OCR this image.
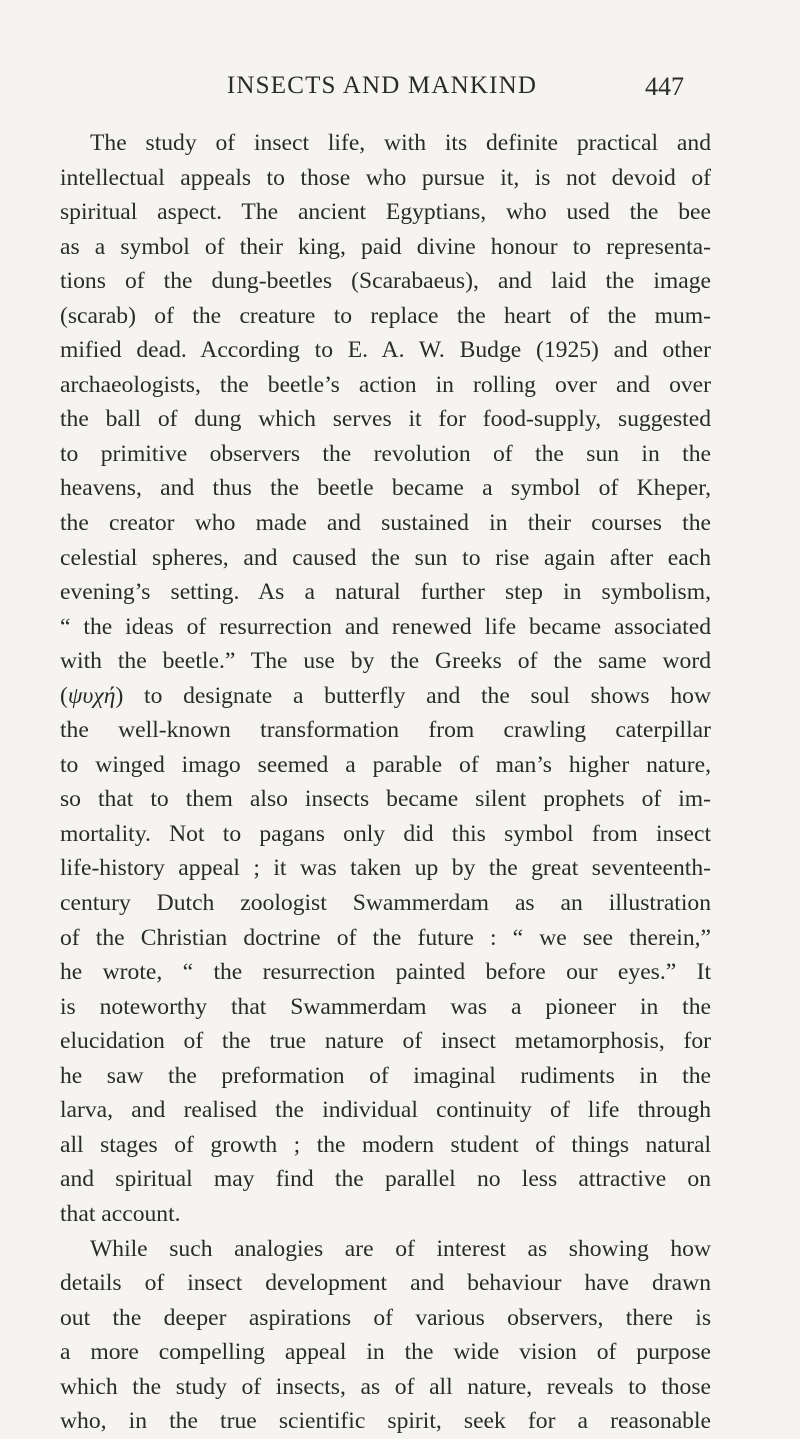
INSECTS AND MANKIND	447
The study of insect life, with its definite practical and
intellectual appeals to those who pursue it, is not devoid of
spiritual aspect. The ancient Egyptians, who used the bee
as a symbol of their king, paid divine honour to representa-
tions of the dung-beetles (Scarabaeus), and laid the image
(scarab) of the creature to replace the heart of the mum-
mified dead. According to E. A. W. Budge (1925) and other
archaeologists, the beetle’s action in rolling over and over
the ball of dung which serves it for food-supply, suggested
to primitive observers the revolution of the sun in the
heavens, and thus the beetle became a symbol of Kheper,
the creator who made and sustained in their courses the
celestial spheres, and caused the sun to rise again after each
evening’s setting. As a natural further step in symbolism,
“ the ideas of resurrection and renewed life became associated
with the beetle.” The use by the Greeks of the same word
(ψυχή) to designate a butterfly and the soul shows how
the well-known transformation from crawling caterpillar
to winged imago seemed a parable of man’s higher nature,
so that to them also insects became silent prophets of im-
mortality. Not to pagans only did this symbol from insect
life-history appeal ; it was taken up by the great seventeenth-
century Dutch zoologist Swammerdam as an illustration
of the Christian doctrine of the future : “ we see therein,”
he wrote, “ the resurrection painted before our eyes.” It
is noteworthy that Swammerdam was a pioneer in the
elucidation of the true nature of insect metamorphosis, for
he saw the preformation of imaginal rudiments in the
larva, and realised the individual continuity of life through
all stages of growth ; the modern student of things natural
and spiritual may find the parallel no less attractive on
that account.
While such analogies are of interest as showing how
details of insect development and behaviour have drawn
out the deeper aspirations of various observers, there is
a more compelling appeal in the wide vision of purpose
which the study of insects, as of all nature, reveals to those
who, in the true scientific spirit, seek for a reasonable
